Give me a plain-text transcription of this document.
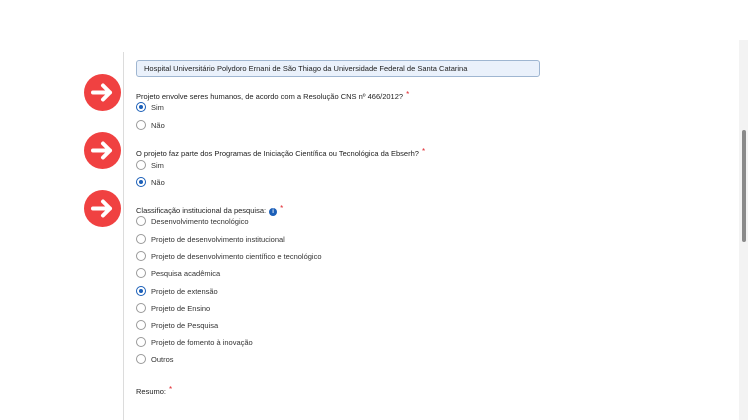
Hospital Universitário Polydoro Ernani de São Thiago da Universidade Federal de Santa Catarina
Projeto envolve seres humanos, de acordo com a Resolução CNS nº 466/2012? *
Sim
Não
O projeto faz parte dos Programas de Iniciação Científica ou Tecnológica da Ebserh? *
Sim
Não
Classificação institucional da pesquisa: i *
Desenvolvimento tecnológico
Projeto de desenvolvimento institucional
Projeto de desenvolvimento científico e tecnológico
Pesquisa acadêmica
Projeto de extensão
Projeto de Ensino
Projeto de Pesquisa
Projeto de fomento à inovação
Outros
Resumo: *
